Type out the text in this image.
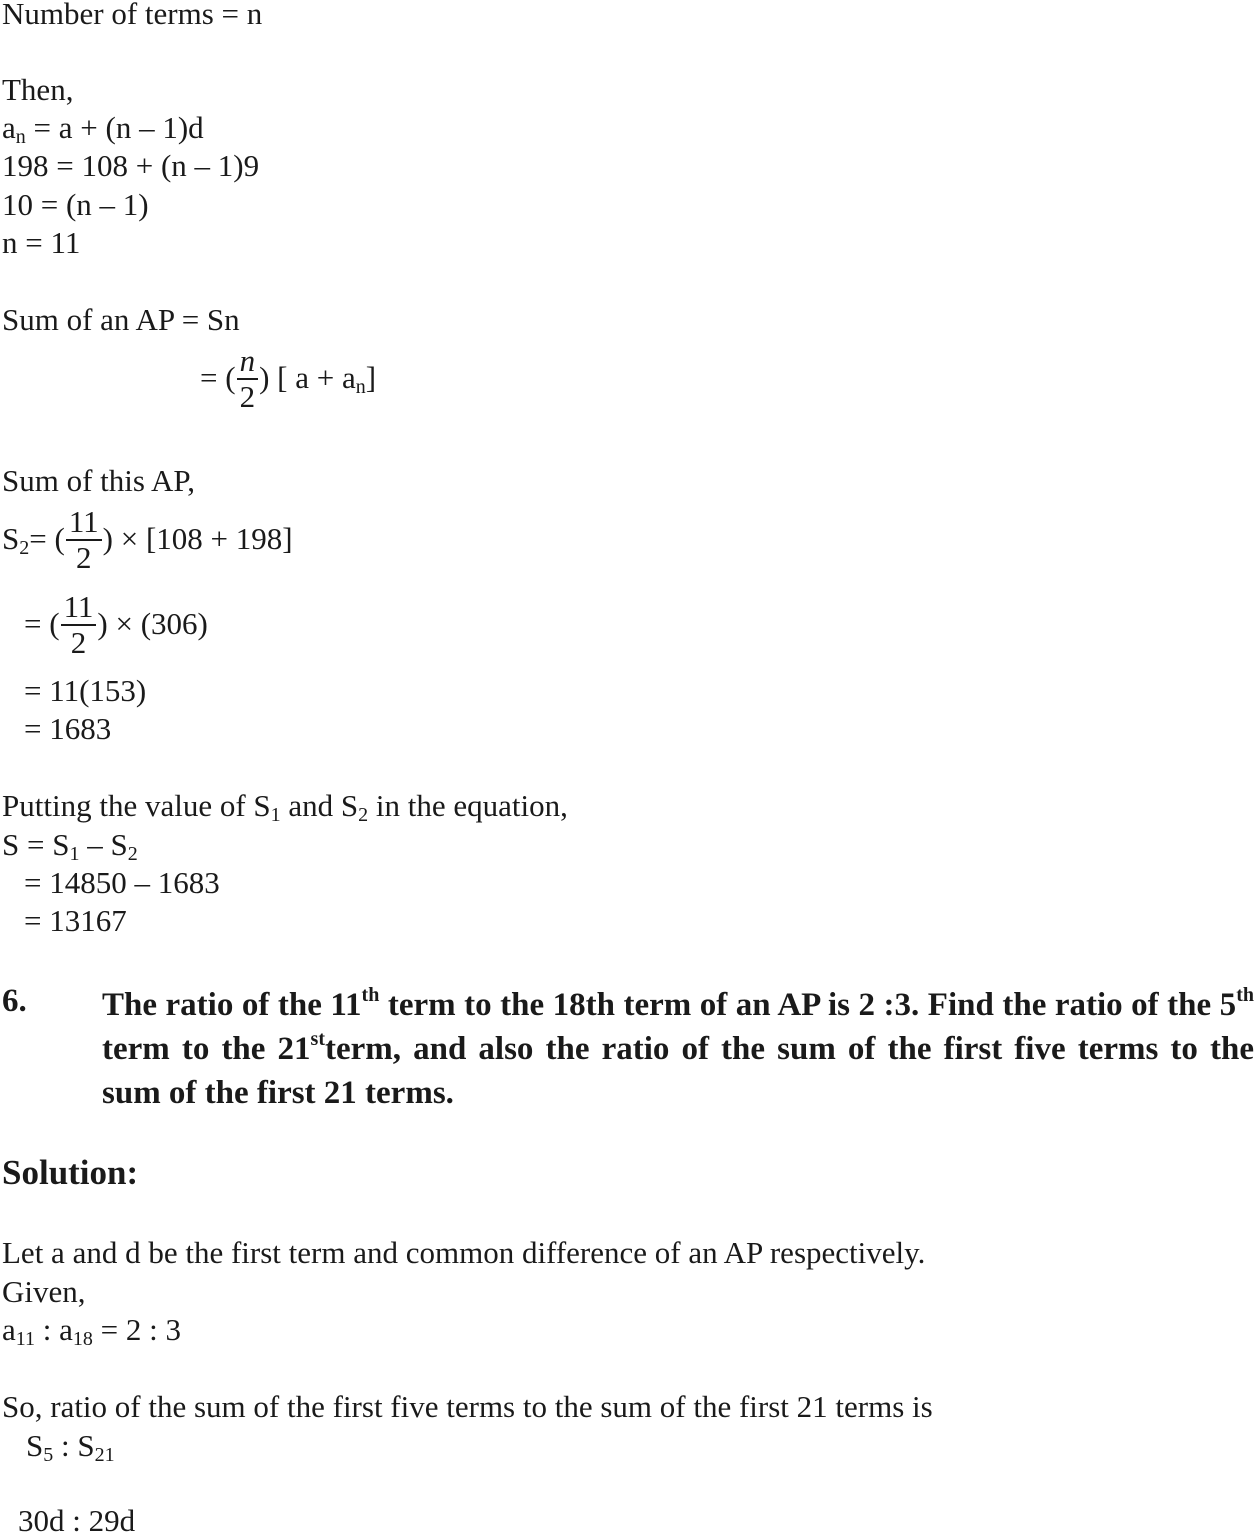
Number of terms = n
Then,
$a_n = a + (n - 1)d$
198 = 108 + (n – 1)9
10 = (n – 1)
n = 11
Sum of an AP = Sn
= ( $\frac{n}{2}$ ) [ $a + a_n$]
Sum of this AP,
$S_2=$ ( $\frac{11}{2}$ ) × [108 + 198]
= ( $\frac{11}{2}$ ) × (306)
= 11(153)
= 1683
Putting the value of $S_1$ and $S_2$ in the equation,
$S = S_1 - S_2$
= 14850 – 1683
= 13167
6. The ratio of the 11th term to the 18th term of an AP is 2 :3. Find the ratio of the 5th term to the 21stterm, and also the ratio of the sum of the first five terms to the sum of the first 21 terms.
Solution:
Let a and d be the first term and common difference of an AP respectively.
Given,
$a_{11}$ : $a_{18} = 2$ : 3
So, ratio of the sum of the first five terms to the sum of the first 21 terms is
$S_5$ : $S_{21}$
30d : 29d
